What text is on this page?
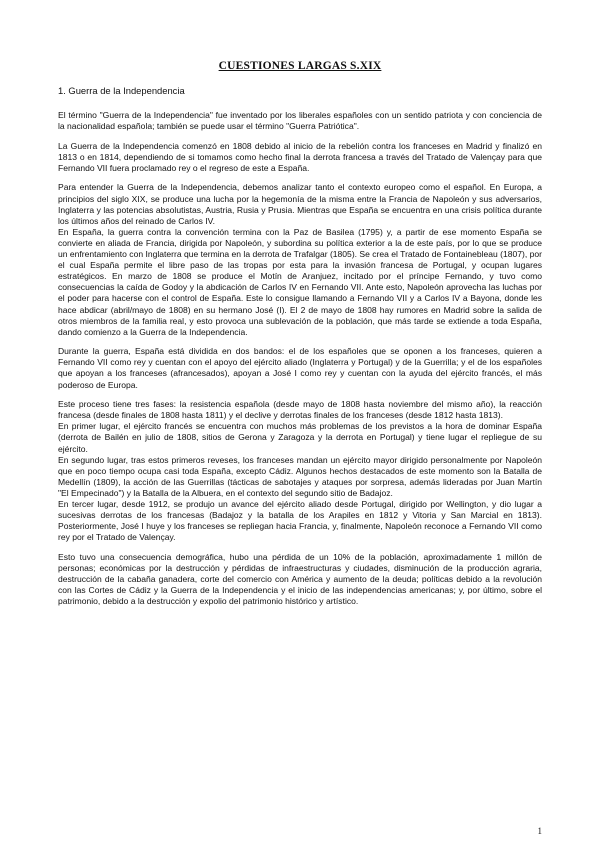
CUESTIONES LARGAS S.XIX
1. Guerra de la Independencia

El término "Guerra de la Independencia" fue inventado por los liberales españoles con un sentido patriota y con conciencia de la nacionalidad española; también se puede usar el término "Guerra Patriótica".

La Guerra de la Independencia comenzó en 1808 debido al inicio de la rebelión contra los franceses en Madrid y finalizó en 1813 o en 1814, dependiendo de si tomamos como hecho final la derrota francesa a través del Tratado de Valençay para que Fernando VII fuera proclamado rey o el regreso de este a España.

Para entender la Guerra de la Independencia, debemos analizar tanto el contexto europeo como el español. En Europa, a principios del siglo XIX, se produce una lucha por la hegemonía de la misma entre la Francia de Napoleón y sus adversarios, Inglaterra y las potencias absolutistas, Austria, Rusia y Prusia. Mientras que España se encuentra en una crisis política durante los últimos años del reinado de Carlos IV.

En España, la guerra contra la convención termina con la Paz de Basilea (1795) y, a partir de ese momento España se convierte en aliada de Francia, dirigida por Napoleón, y subordina su política exterior a la de este país, por lo que se produce un enfrentamiento con Inglaterra que termina en la derrota de Trafalgar (1805). Se crea el Tratado de Fontainebleau (1807), por el cual España permite el libre paso de las tropas por esta para la invasión francesa de Portugal, y ocupan lugares estratégicos. En marzo de 1808 se produce el Motín de Aranjuez, incitado por el príncipe Fernando, y tuvo como consecuencias la caída de Godoy y la abdicación de Carlos IV en Fernando VII. Ante esto, Napoleón aprovecha las luchas por el poder para hacerse con el control de España. Este lo consigue llamando a Fernando VII y a Carlos IV a Bayona, donde les hace abdicar (abril/mayo de 1808) en su hermano José (I). El 2 de mayo de 1808 hay rumores en Madrid sobre la salida de otros miembros de la familia real, y esto provoca una sublevación de la población, que más tarde se extiende a toda España, dando comienzo a la Guerra de la Independencia.

Durante la guerra, España está dividida en dos bandos: el de los españoles que se oponen a los franceses, quieren a Fernando VII como rey y cuentan con el apoyo del ejército aliado (Inglaterra y Portugal) y de la Guerrilla; y el de los españoles que apoyan a los franceses (afrancesados), apoyan a José I como rey y cuentan con la ayuda del ejército francés, el más poderoso de Europa.

Este proceso tiene tres fases: la resistencia española (desde mayo de 1808 hasta noviembre del mismo año), la reacción francesa (desde finales de 1808 hasta 1811) y el declive y derrotas finales de los franceses (desde 1812 hasta 1813).

En primer lugar, el ejército francés se encuentra con muchos más problemas de los previstos a la hora de dominar España (derrota de Bailén en julio de 1808, sitios de Gerona y Zaragoza y la derrota en Portugal) y tiene lugar el repliegue de su ejército.

En segundo lugar, tras estos primeros reveses, los franceses mandan un ejército mayor dirigido personalmente por Napoleón que en poco tiempo ocupa casi toda España, excepto Cádiz. Algunos hechos destacados de este momento son la Batalla de Medellín (1809), la acción de las Guerrillas (tácticas de sabotajes y ataques por sorpresa, además lideradas por Juan Martín "El Empecinado") y la Batalla de la Albuera, en el contexto del segundo sitio de Badajoz.

En tercer lugar, desde 1912, se produjo un avance del ejército aliado desde Portugal, dirigido por Wellington, y dio lugar a sucesivas derrotas de los francesas (Badajoz y la batalla de los Arapiles en 1812 y Vitoria y San Marcial en 1813). Posteriormente, José I huye y los franceses se repliegan hacia Francia, y, finalmente, Napoleón reconoce a Fernando VII como rey por el Tratado de Valençay.

Esto tuvo una consecuencia demográfica, hubo una pérdida de un 10% de la población, aproximadamente 1 millón de personas; económicas por la destrucción y pérdidas de infraestructuras y ciudades, disminución de la producción agraria, destrucción de la cabaña ganadera, corte del comercio con América y aumento de la deuda; políticas debido a la revolución con las Cortes de Cádiz y la Guerra de la Independencia y el inicio de las independencias americanas; y, por último, sobre el patrimonio, debido a la destrucción y expolio del patrimonio histórico y artístico.

1
